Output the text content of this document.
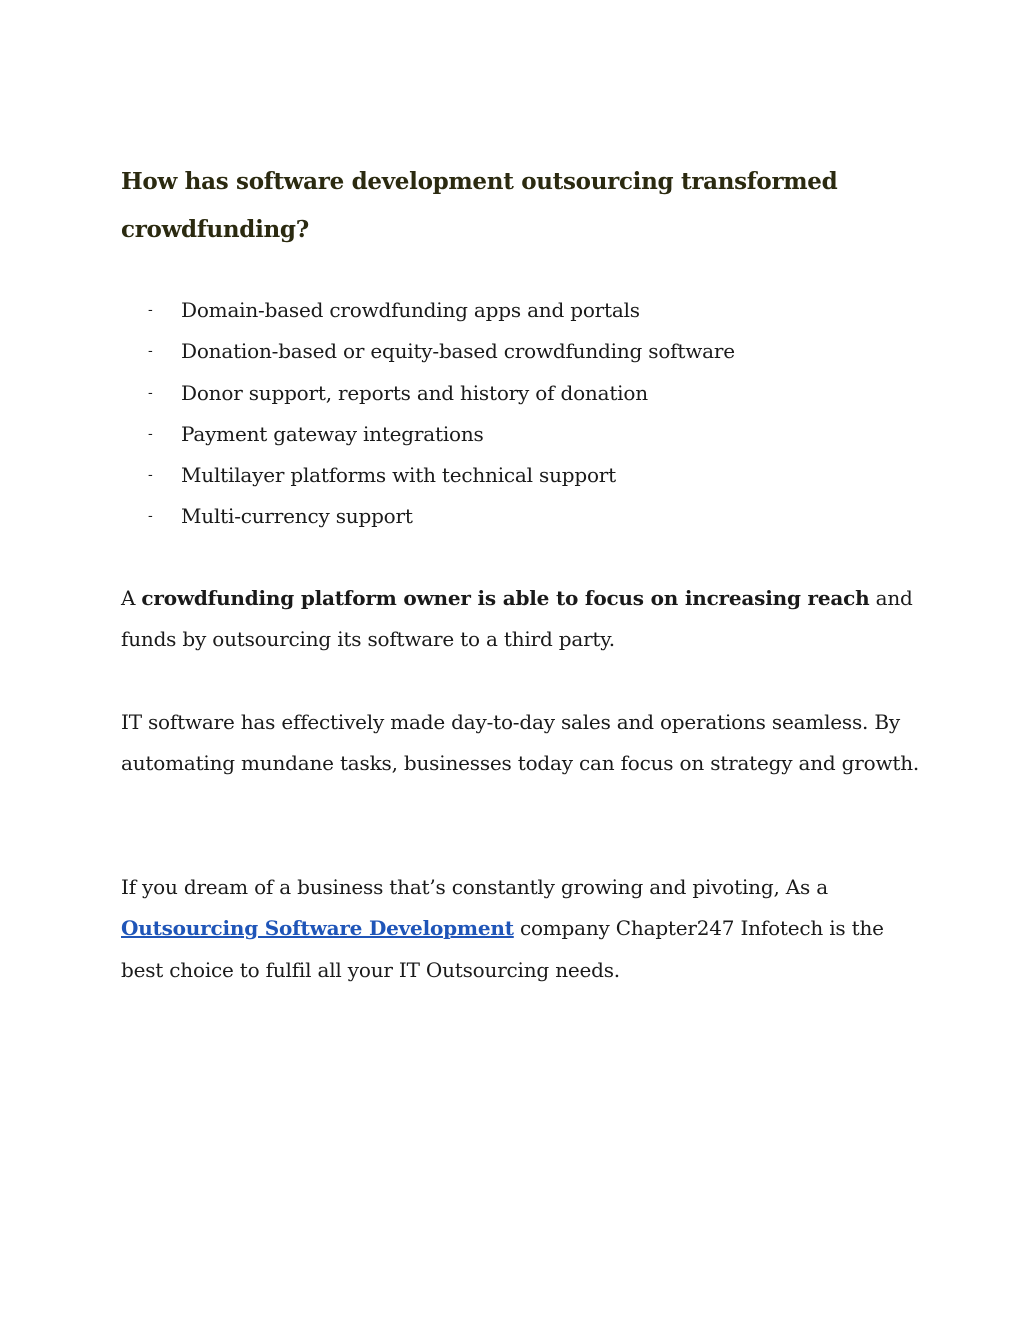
How has software development outsourcing transformed crowdfunding?
- Domain-based crowdfunding apps and portals
- Donation-based or equity-based crowdfunding software
- Donor support, reports and history of donation
- Payment gateway integrations
- Multilayer platforms with technical support
- Multi-currency support

A crowdfunding platform owner is able to focus on increasing reach and funds by outsourcing its software to a third party.

IT software has effectively made day-to-day sales and operations seamless. By automating mundane tasks, businesses today can focus on strategy and growth.

If you dream of a business that’s constantly growing and pivoting, As a Outsourcing Software Development company Chapter247 Infotech is the best choice to fulfil all your IT Outsourcing needs.
